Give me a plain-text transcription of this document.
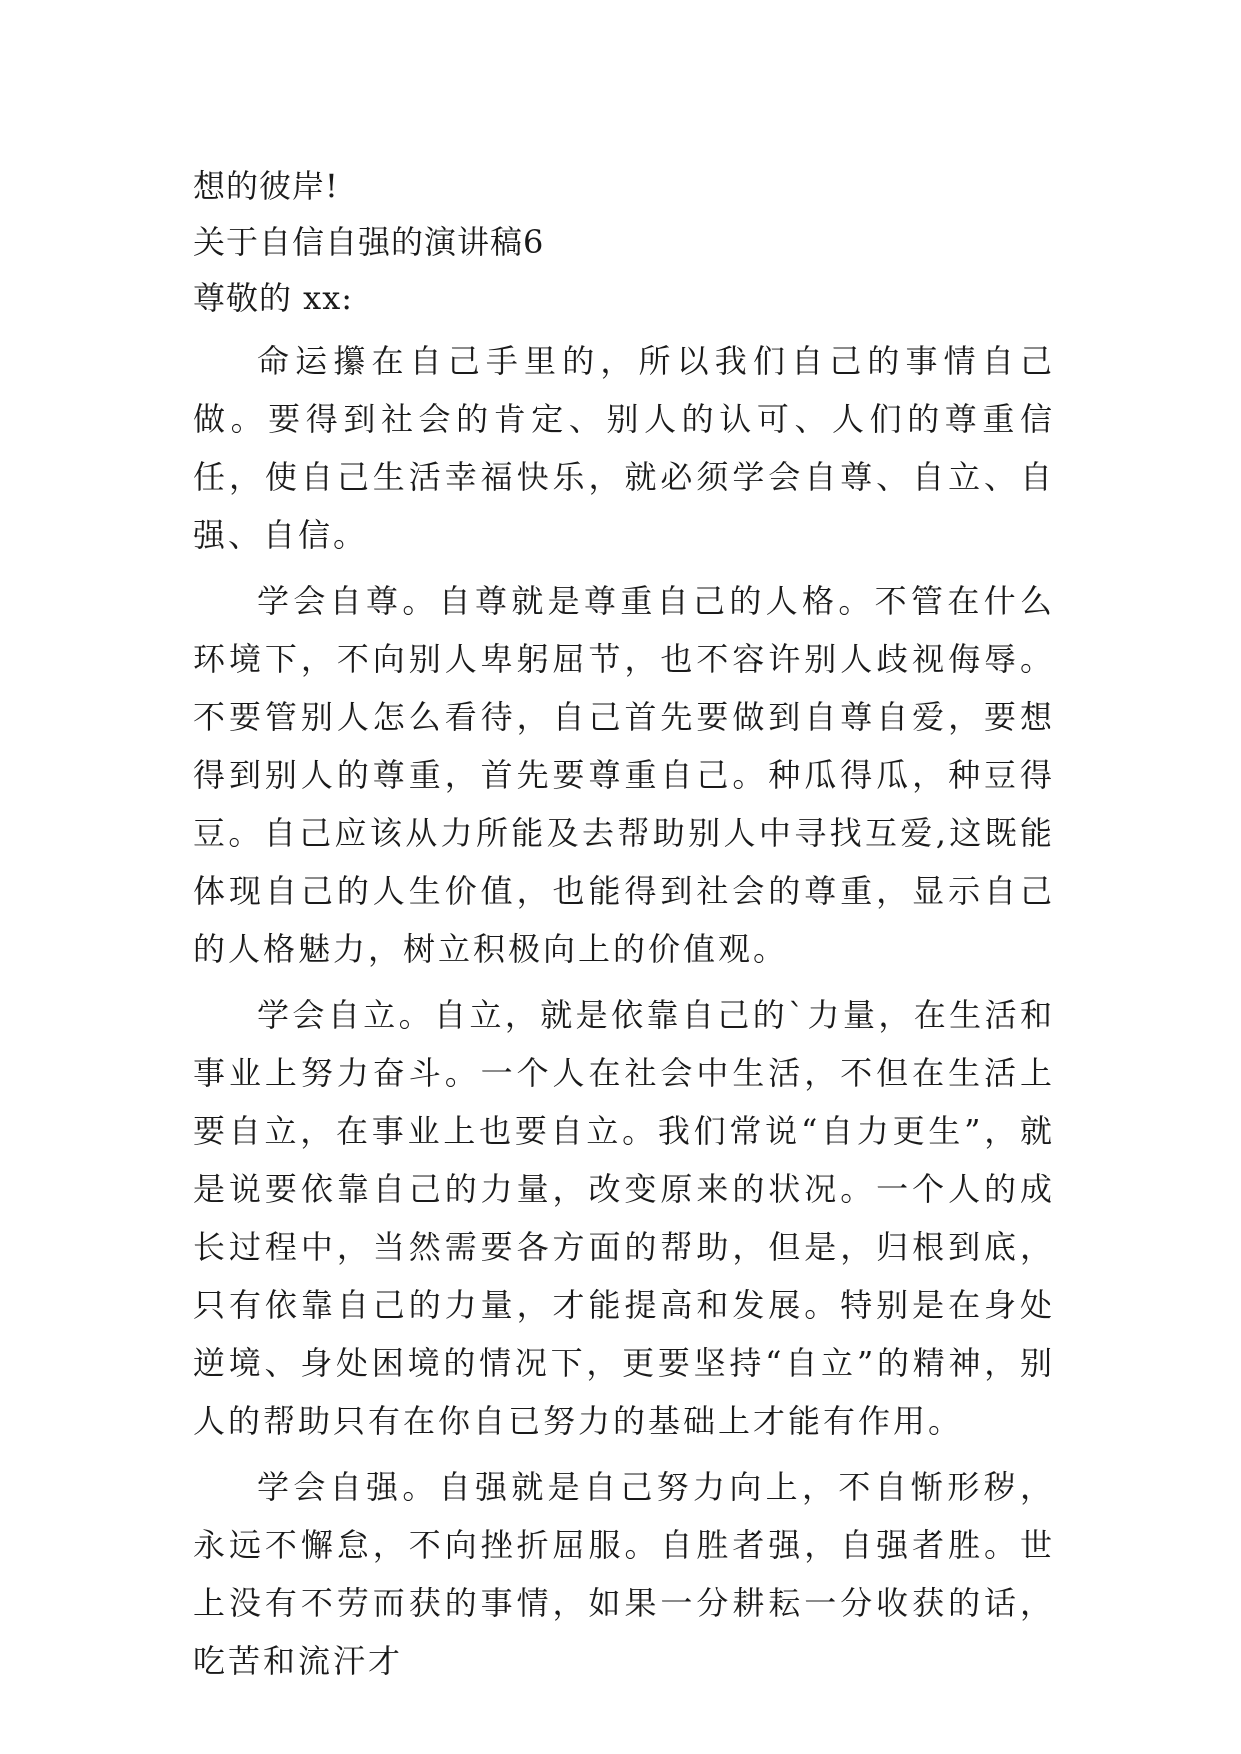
想的彼岸!

关于自信自强的演讲稿6

尊敬的 xx:

命运攥在自己手里的，所以我们自己的事情自己做。要得到社会的肯定、别人的认可、人们的尊重信任，使自己生活幸福快乐，就必须学会自尊、自立、自强、自信。

学会自尊。自尊就是尊重自己的人格。不管在什么环境下，不向别人卑躬屈节，也不容许别人歧视侮辱。不要管别人怎么看待，自己首先要做到自尊自爱，要想得到别人的尊重，首先要尊重自己。种瓜得瓜，种豆得豆。自己应该从力所能及去帮助别人中寻找互爱,这既能体现自己的人生价值，也能得到社会的尊重，显示自己的人格魅力，树立积极向上的价值观。

学会自立。自立，就是依靠自己的`力量，在生活和事业上努力奋斗。一个人在社会中生活，不但在生活上要自立，在事业上也要自立。我们常说“自力更生”，就是说要依靠自己的力量，改变原来的状况。一个人的成长过程中，当然需要各方面的帮助，但是，归根到底，只有依靠自己的力量，才能提高和发展。特别是在身处逆境、身处困境的情况下，更要坚持“自立”的精神，别人的帮助只有在你自已努力的基础上才能有作用。

学会自强。自强就是自己努力向上，不自惭形秽，永远不懈怠，不向挫折屈服。自胜者强，自强者胜。世上没有不劳而获的事情，如果一分耕耘一分收获的话，吃苦和流汗才
